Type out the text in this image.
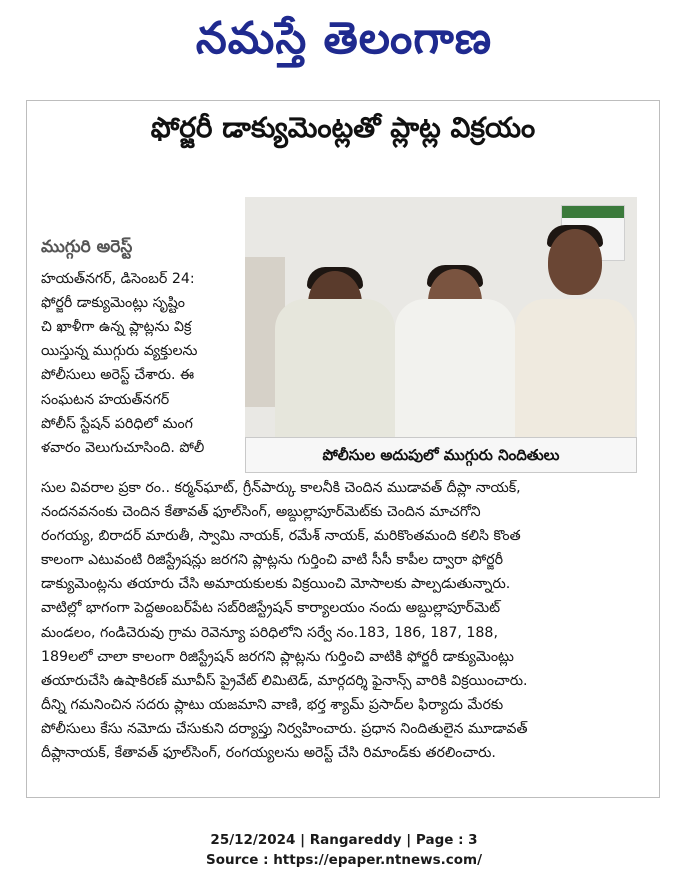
నమస్తే తెలంగాణ
ఫోర్జరీ డాక్యుమెంట్లతో ప్లాట్ల విక్రయం
ముగ్గురి అరెస్ట్
హయత్‌నగర్, డిసెంబర్ 24:
ఫోర్జరీ డాక్యుమెంట్లు సృష్టిం
చి ఖాళీగా ఉన్న ప్లాట్లను విక్ర
యిస్తున్న ముగ్గురు వ్యక్తులను
పోలీసులు అరెస్ట్ చేశారు. ఈ
సంఘటన హయత్‌నగర్
పోలీస్ స్టేషన్ పరిధిలో మంగ
ళవారం వెలుగుచూసింది. పోలీ	పోలీసుల అదుపులో ముగ్గురు నిందితులు
సుల వివరాల ప్రకా రం.. కర్మన్‌ఘాట్, గ్రీన్‌పార్కు కాలనీకి చెందిన ముడావత్ దీప్లా నాయక్,
నందనవనంకు చెందిన కేతావత్ ఫూల్‌సింగ్, అబ్దుల్లాపూర్‌మెట్‌కు చెందిన మాచగోని
రంగయ్య, బిరాదర్ మారుతీ, స్వామి నాయక్, రమేశ్ నాయక్, మరికొంతమంది కలిసి కొంత
కాలంగా ఎటువంటి రిజిస్ట్రేషన్లు జరగని ప్లాట్లను గుర్తించి వాటి సీసీ కాపీల ద్వారా ఫోర్జరీ
డాక్యుమెంట్లను తయారు చేసి అమాయకులకు విక్రయించి మోసాలకు పాల్పడుతున్నారు.
వాటిల్లో భాగంగా పెద్దఅంబర్‌పేట సబ్‌రిజిస్ట్రేషన్ కార్యాలయం నందు అబ్దుల్లాపూర్‌మెట్
మండలం, గండిచెరువు గ్రామ రెవెన్యూ పరిధిలోని సర్వే నం.183, 186, 187, 188,
189లలో చాలా కాలంగా రిజిస్ట్రేషన్ జరగని ప్లాట్లను గుర్తించి వాటికి ఫోర్జరీ డాక్యుమెంట్లు
తయారుచేసి ఉషాకిరణ్ మూవీస్ ప్రైవేట్ లిమిటెడ్, మార్గదర్శి ఫైనాన్స్ వారికి విక్రయించారు.
దీన్ని గమనించిన సదరు ప్లాటు యజమాని వాణి, భర్త శ్యామ్ ప్రసాద్‌ల ఫిర్యాదు మేరకు
పోలీసులు కేసు నమోదు చేసుకుని దర్యాప్తు నిర్వహించారు. ప్రధాన నిందితులైన మూడావత్
దీప్లానాయక్, కేతావత్ ఫూల్‌సింగ్, రంగయ్యలను అరెస్ట్ చేసి రిమాండ్‌కు తరలించారు.
25/12/2024 | Rangareddy | Page : 3
Source : https://epaper.ntnews.com/
